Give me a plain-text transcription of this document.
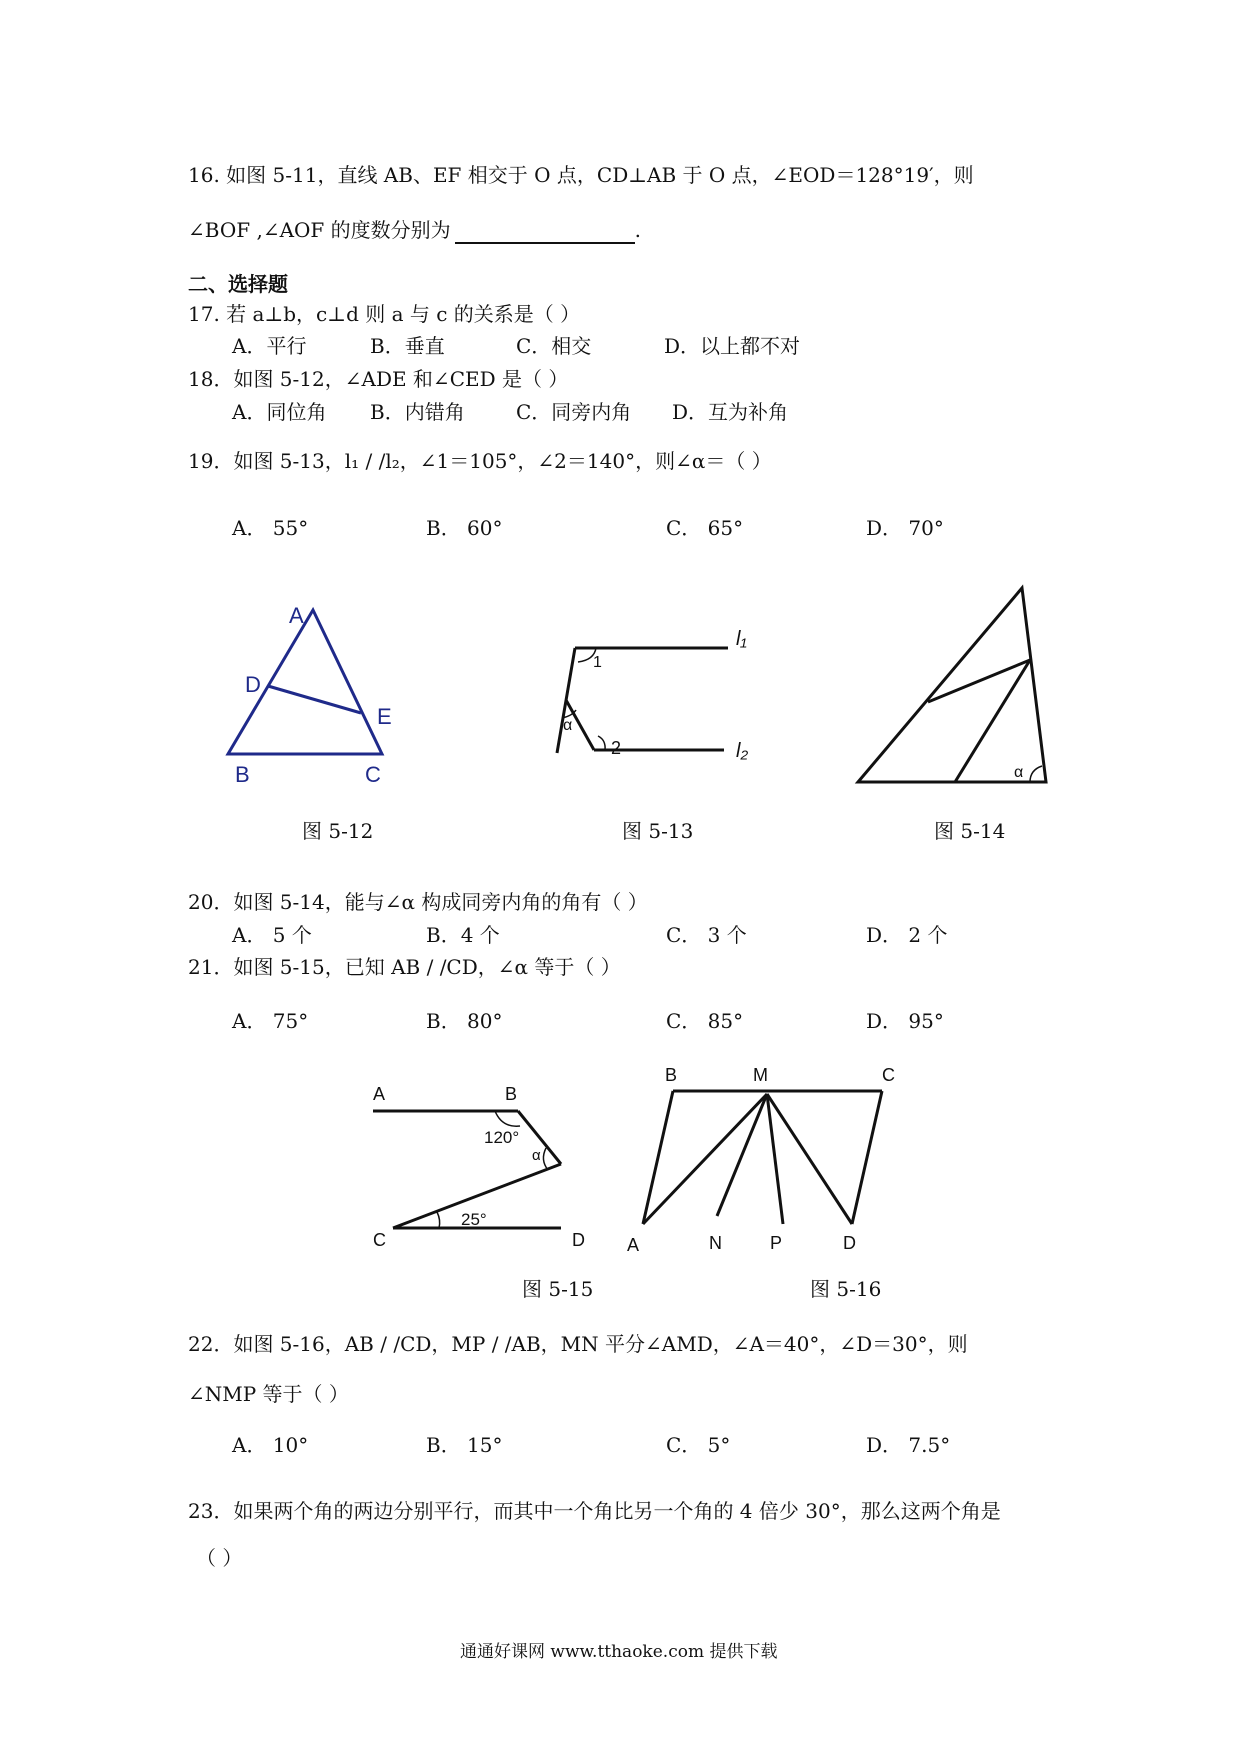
16. 如图 5-11，直线 AB、EF 相交于 O 点，CD⊥AB 于 O 点，∠EOD＝128°19′，则
∠BOF ,∠AOF 的度数分别为	.
二、选择题
17. 若 a⊥b，c⊥d 则 a 与 c 的关系是（ ）
A．平行	B．垂直	C．相交	D．以上都不对
18．如图 5-12，∠ADE 和∠CED 是（ ）
A．同位角 B．内错角	C．同旁内角 D．互为补角
19．如图 5-13，l₁ / /l₂，∠1＝105°，∠2＝140°，则∠α＝（ ）
A． 55°	B． 60°	C． 65°	D． 70°
A
D
E
B	C
图 5-12
l₁
l₂
1
α
2
图 5-13
α
图 5-14
20．如图 5-14，能与∠α 构成同旁内角的角有（ ）
A． 5 个	B．4 个	C． 3 个	D． 2 个
21．如图 5-15，已知 AB / /CD，∠α 等于（ ）
A． 75°	B． 80°	C． 85°	D． 95°
A	B
120°
α
25°
C	D
图 5-15
B	M	C
A	N	P	D
图 5-16
22．如图 5-16，AB / /CD，MP / /AB，MN 平分∠AMD，∠A＝40°，∠D＝30°，则
∠NMP 等于（ ）
A． 10°	B． 15°	C． 5°	D． 7.5°
23．如果两个角的两边分别平行，而其中一个角比另一个角的 4 倍少 30°，那么这两个角是
（ ）
通通好课网 www.tthaoke.com 提供下载
